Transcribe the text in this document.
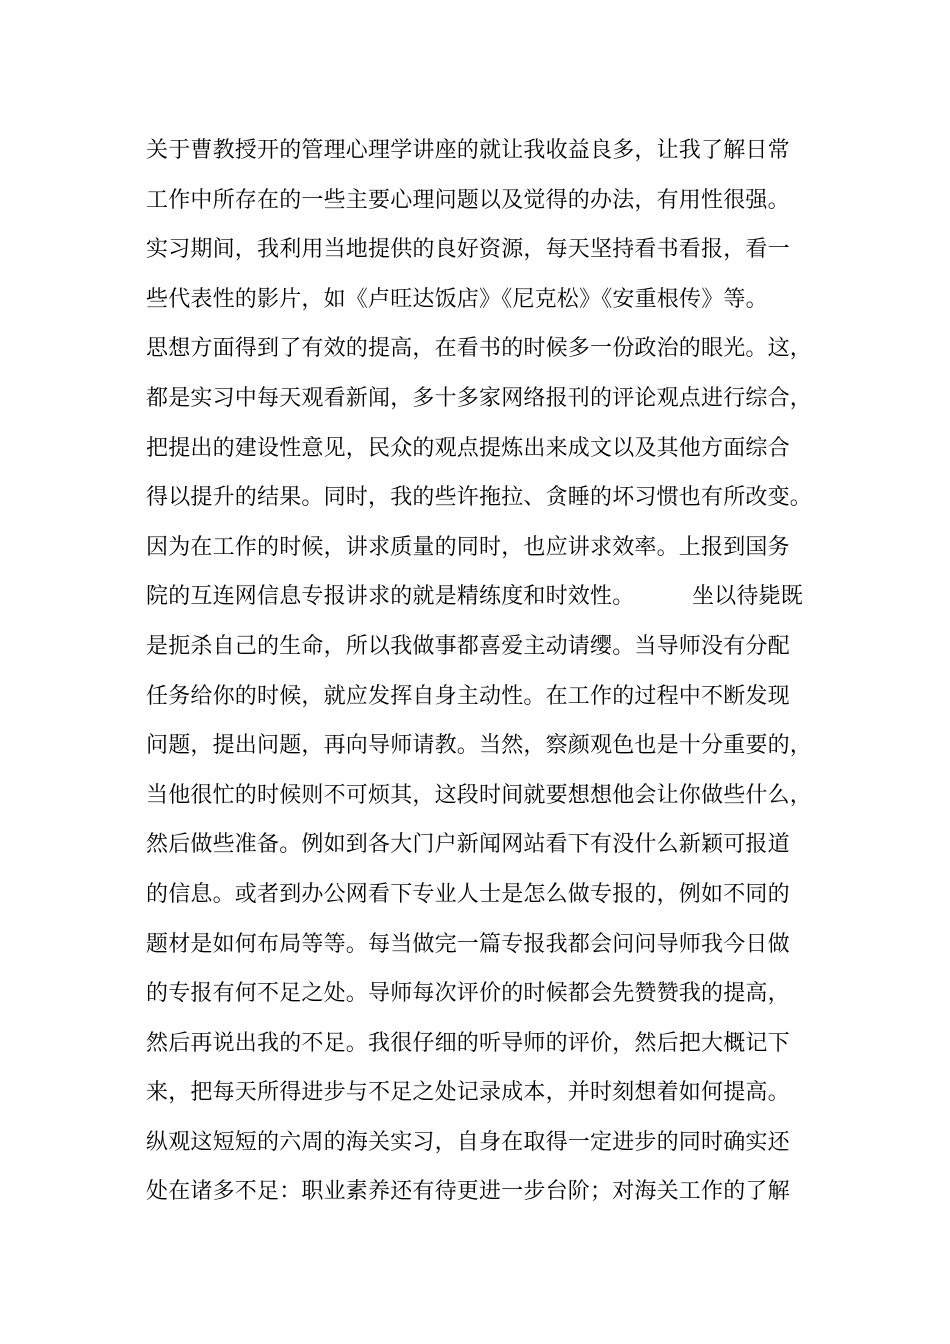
关于曹教授开的管理心理学讲座的就让我收益良多，让我了解日常
工作中所存在的一些主要心理问题以及觉得的办法，有用性很强。
实习期间，我利用当地提供的良好资源，每天坚持看书看报，看一
些代表性的影片，如《卢旺达饭店》《尼克松》《安重根传》等。
思想方面得到了有效的提高，在看书的时候多一份政治的眼光。这，
都是实习中每天观看新闻，多十多家网络报刊的评论观点进行综合，
把提出的建设性意见，民众的观点提炼出来成文以及其他方面综合
得以提升的结果。同时，我的些许拖拉、贪睡的坏习惯也有所改变。
因为在工作的时候，讲求质量的同时，也应讲求效率。上报到国务
院的互连网信息专报讲求的就是精练度和时效性。        坐以待毙既
是扼杀自己的生命，所以我做事都喜爱主动请缨。当导师没有分配
任务给你的时候，就应发挥自身主动性。在工作的过程中不断发现
问题，提出问题，再向导师请教。当然，察颜观色也是十分重要的，
当他很忙的时候则不可烦其，这段时间就要想想他会让你做些什么，
然后做些准备。例如到各大门户新闻网站看下有没什么新颖可报道
的信息。或者到办公网看下专业人士是怎么做专报的，例如不同的
题材是如何布局等等。每当做完一篇专报我都会问问导师我今日做
的专报有何不足之处。导师每次评价的时候都会先赞赞我的提高，
然后再说出我的不足。我很仔细的听导师的评价，然后把大概记下
来，把每天所得进步与不足之处记录成本，并时刻想着如何提高。
纵观这短短的六周的海关实习，自身在取得一定进步的同时确实还
处在诸多不足：职业素养还有待更进一步台阶；对海关工作的了解
